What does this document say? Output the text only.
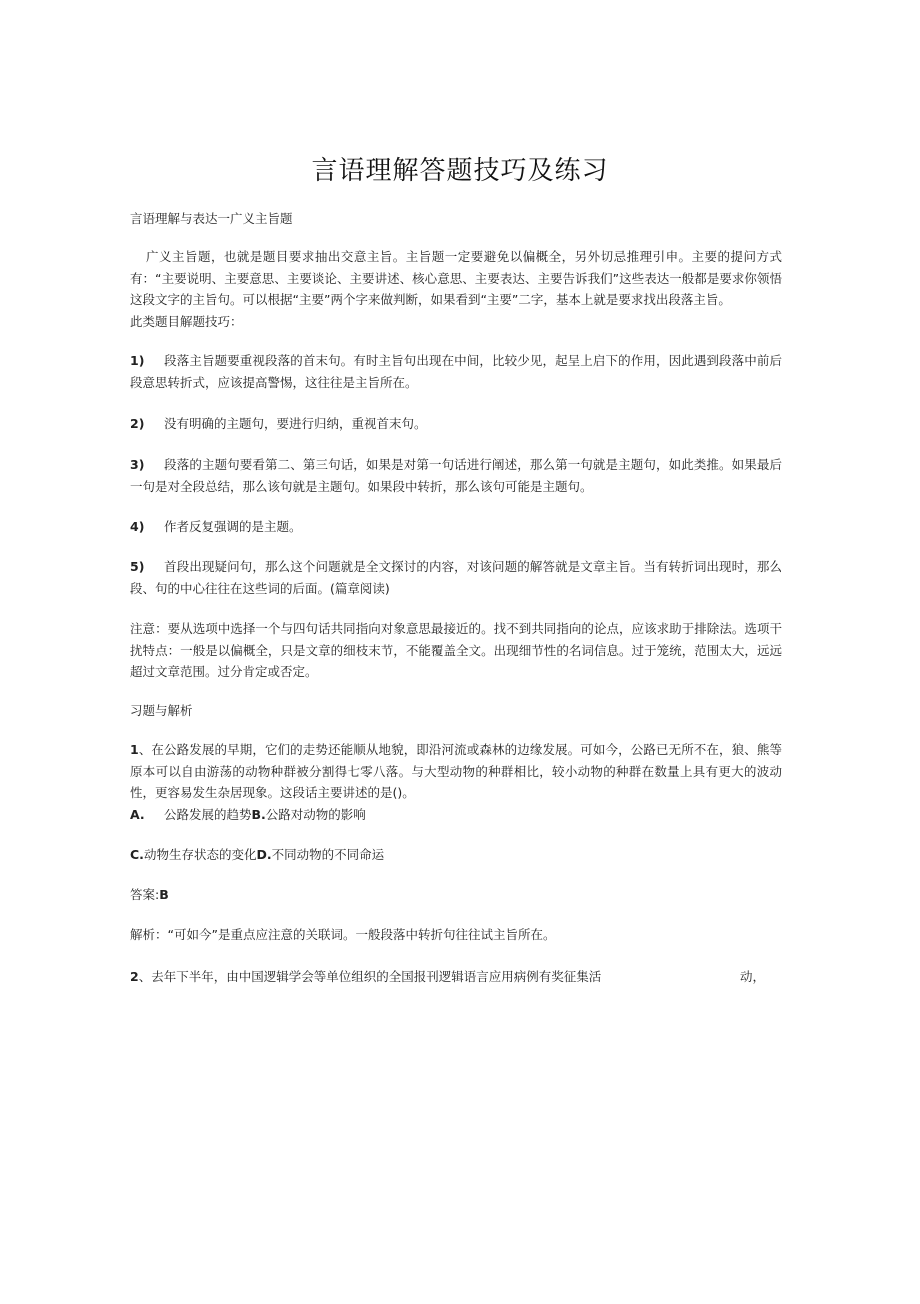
言语理解答题技巧及练习
言语理解与表达一广义主旨题
广义主旨题，也就是题目要求抽出交意主旨。主旨题一定要避免以偏概全，另外切忌推理引申。主要的提问方式有：“主要说明、主要意思、主要谈论、主要讲述、核心意思、主要表达、主要告诉我们”这些表达一般都是要求你领悟这段文字的主旨句。可以根据“主要”两个字来做判断，如果看到“主要”二字，基本上就是要求找出段落主旨。
此类题目解题技巧：
1) 段落主旨题要重视段落的首末句。有时主旨句出现在中间，比较少见，起呈上启下的作用，因此遇到段落中前后段意思转折式，应该提高警惕，这往往是主旨所在。
2) 没有明确的主题句，要进行归纳，重视首末句。
3) 段落的主题句要看第二、第三句话，如果是对第一句话进行阐述，那么第一句就是主题句，如此类推。如果最后一句是对全段总结，那么该句就是主题句。如果段中转折，那么该句可能是主题句。
4) 作者反复强调的是主题。
5) 首段出现疑问句，那么这个问题就是全文探讨的内容，对该问题的解答就是文章主旨。当有转折词出现时，那么段、句的中心往往在这些词的后面。(篇章阅读)
注意：要从选项中选择一个与四句话共同指向对象意思最接近的。找不到共同指向的论点，应该求助于排除法。选项干扰特点：一般是以偏概全，只是文章的细枝末节，不能覆盖全文。出现细节性的名词信息。过于笼统，范围太大，远远超过文章范围。过分肯定或否定。
习题与解析
1、在公路发展的早期，它们的走势还能顺从地貌，即沿河流或森林的边缘发展。可如今，公路已无所不在，狼、熊等原本可以自由游荡的动物种群被分割得七零八落。与大型动物的种群相比，较小动物的种群在数量上具有更大的波动性，更容易发生杂居现象。这段话主要讲述的是()。
A. 公路发展的趋势B.公路对动物的影响
C.动物生存状态的变化D.不同动物的不同命运
答案:B
解析：“可如今”是重点应注意的关联词。一般段落中转折句往往试主旨所在。
2、去年下半年，由中国逻辑学会等单位组织的全国报刊逻辑语言应用病例有奖征集活	动，
